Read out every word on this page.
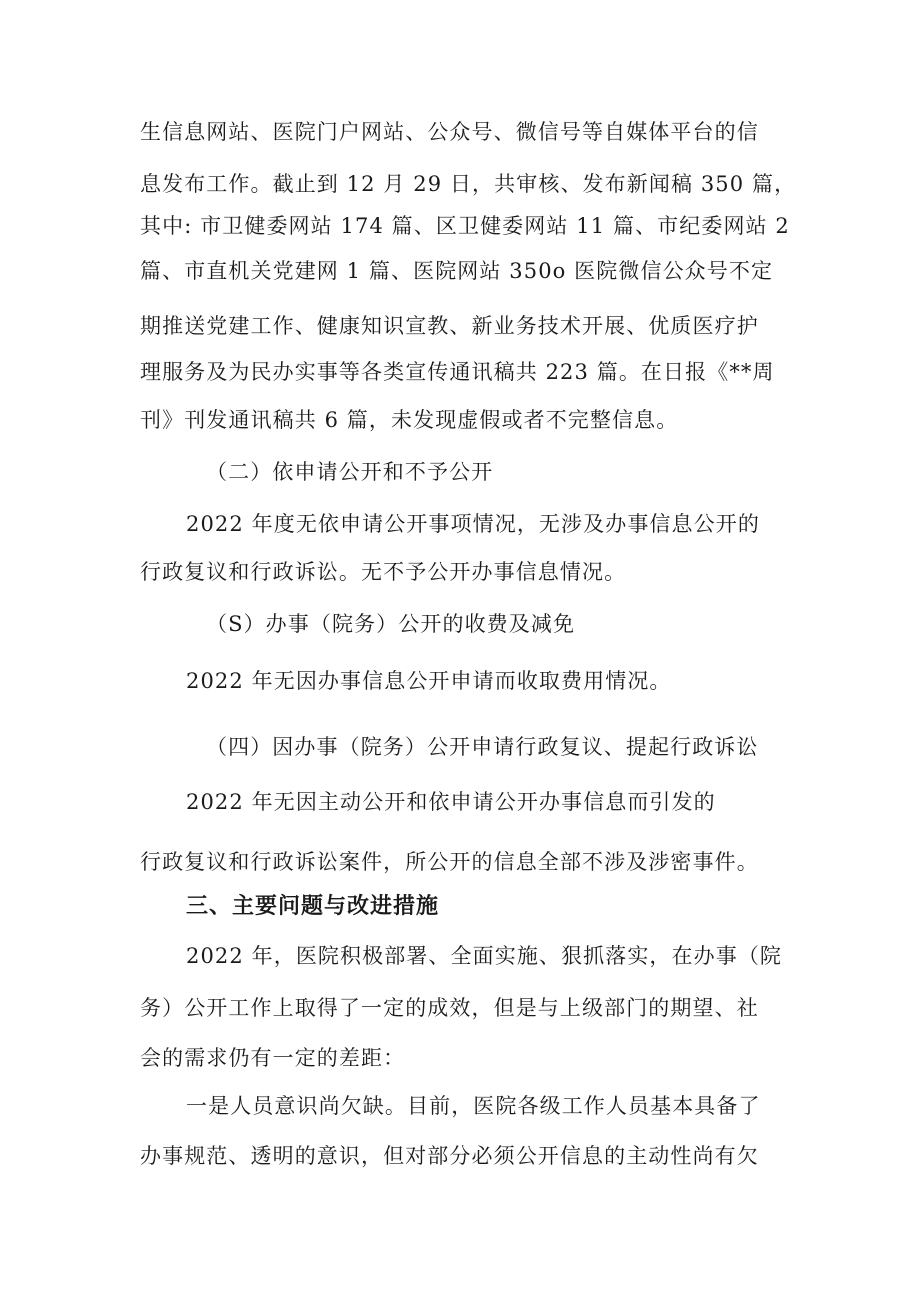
生信息网站、医院门户网站、公众号、微信号等自媒体平台的信
息发布工作。截止到 12 月 29 日，共审核、发布新闻稿 350 篇，
其中: 市卫健委网站 174 篇、区卫健委网站 11 篇、市纪委网站 2
篇、市直机关党建网 1 篇、医院网站 350o 医院微信公众号不定
期推送党建工作、健康知识宣教、新业务技术开展、优质医疗护
理服务及为民办实事等各类宣传通讯稿共 223 篇。在日报《**周
刊》刊发通讯稿共 6 篇，未发现虚假或者不完整信息。
（二）依申请公开和不予公开
2022 年度无依申请公开事项情况，无涉及办事信息公开的
行政复议和行政诉讼。无不予公开办事信息情况。
（S）办事（院务）公开的收费及减免
2022 年无因办事信息公开申请而收取费用情况。
（四）因办事（院务）公开申请行政复议、提起行政诉讼
2022 年无因主动公开和依申请公开办事信息而引发的
行政复议和行政诉讼案件，所公开的信息全部不涉及涉密事件。
三、主要问题与改进措施
2022 年，医院积极部署、全面实施、狠抓落实，在办事（院
务）公开工作上取得了一定的成效，但是与上级部门的期望、社
会的需求仍有一定的差距：
一是人员意识尚欠缺。目前，医院各级工作人员基本具备了
办事规范、透明的意识，但对部分必须公开信息的主动性尚有欠
